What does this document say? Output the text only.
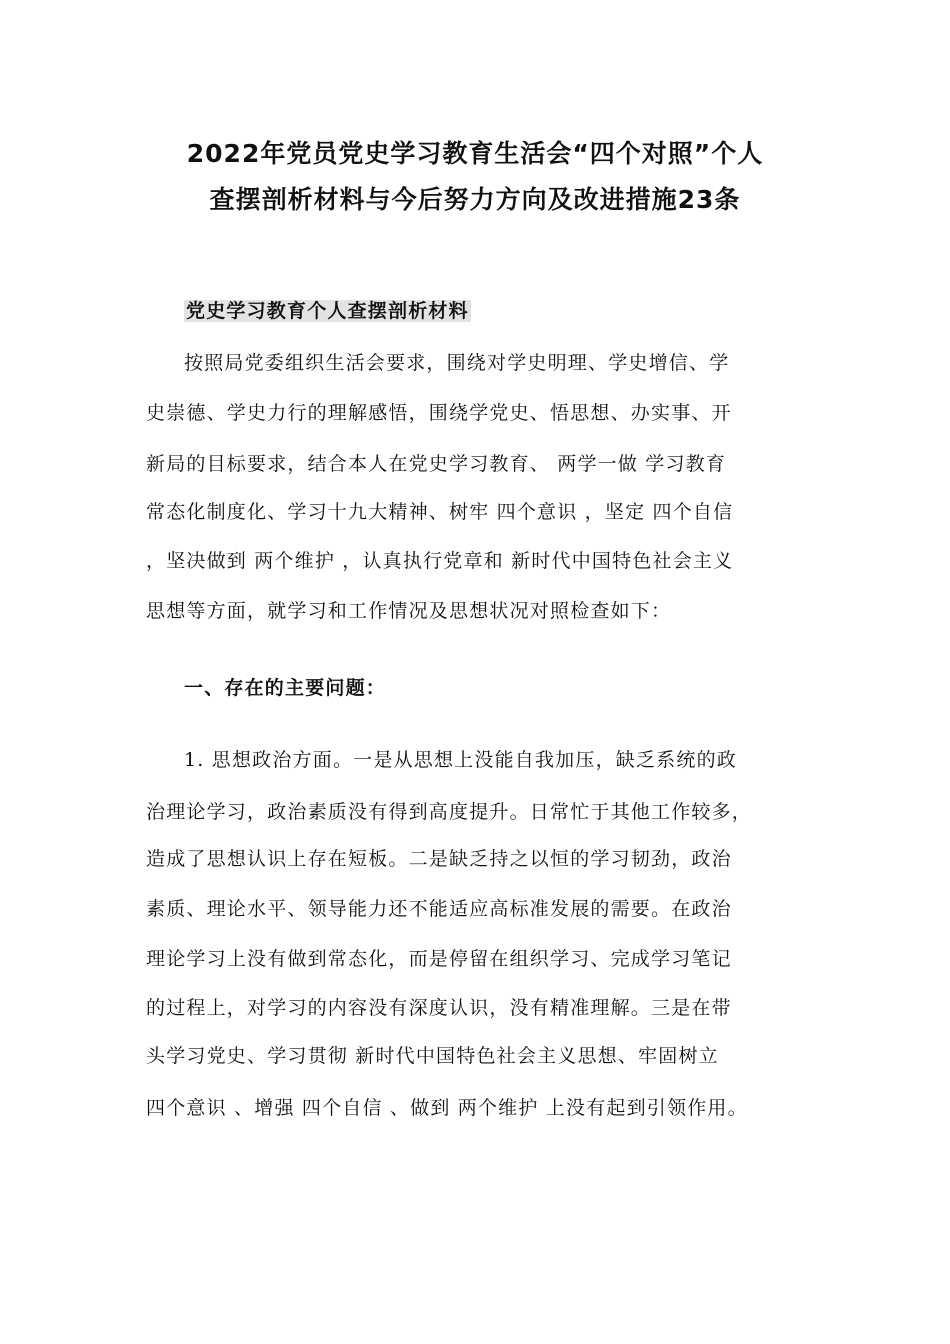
2022年党员党史学习教育生活会“四个对照”个人
查摆剖析材料与今后努力方向及改进措施23条
党史学习教育个人查摆剖析材料
按照局党委组织生活会要求，围绕对学史明理、学史增信、学
史崇德、学史力行的理解感悟，围绕学党史、悟思想、办实事、开
新局的目标要求，结合本人在党史学习教育、 两学一做 学习教育
常态化制度化、学习十九大精神、树牢 四个意识 ，坚定 四个自信
，坚决做到 两个维护 ，认真执行党章和 新时代中国特色社会主义
思想等方面，就学习和工作情况及思想状况对照检查如下：
一、存在的主要问题：
1. 思想政治方面。一是从思想上没能自我加压，缺乏系统的政
治理论学习，政治素质没有得到高度提升。日常忙于其他工作较多，
造成了思想认识上存在短板。二是缺乏持之以恒的学习韧劲，政治
素质、理论水平、领导能力还不能适应高标准发展的需要。在政治
理论学习上没有做到常态化，而是停留在组织学习、完成学习笔记
的过程上，对学习的内容没有深度认识，没有精准理解。三是在带
头学习党史、学习贯彻 新时代中国特色社会主义思想、牢固树立
四个意识 、增强 四个自信 、做到 两个维护 上没有起到引领作用。
